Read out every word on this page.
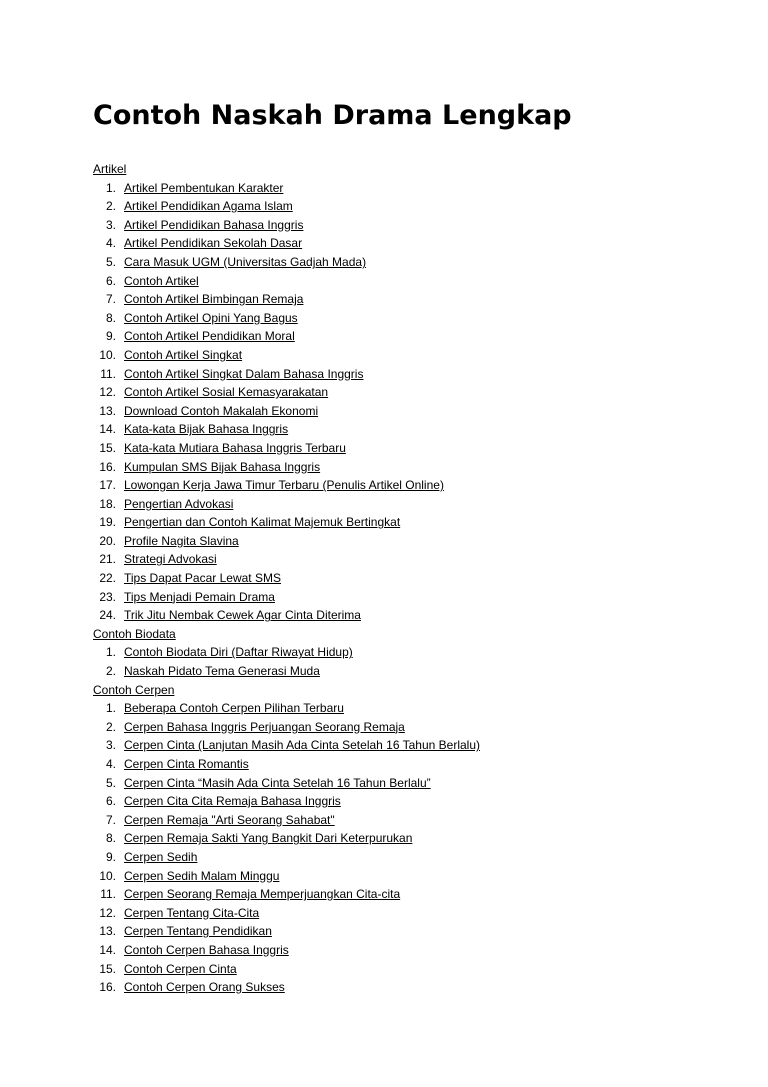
Contoh Naskah Drama Lengkap
Artikel
1. Artikel Pembentukan Karakter
2. Artikel Pendidikan Agama Islam
3. Artikel Pendidikan Bahasa Inggris
4. Artikel Pendidikan Sekolah Dasar
5. Cara Masuk UGM (Universitas Gadjah Mada)
6. Contoh Artikel
7. Contoh Artikel Bimbingan Remaja
8. Contoh Artikel Opini Yang Bagus
9. Contoh Artikel Pendidikan Moral
10. Contoh Artikel Singkat
11. Contoh Artikel Singkat Dalam Bahasa Inggris
12. Contoh Artikel Sosial Kemasyarakatan
13. Download Contoh Makalah Ekonomi
14. Kata-kata Bijak Bahasa Inggris
15. Kata-kata Mutiara Bahasa Inggris Terbaru
16. Kumpulan SMS Bijak Bahasa Inggris
17. Lowongan Kerja Jawa Timur Terbaru (Penulis Artikel Online)
18. Pengertian Advokasi
19. Pengertian dan Contoh Kalimat Majemuk Bertingkat
20. Profile Nagita Slavina
21. Strategi Advokasi
22. Tips Dapat Pacar Lewat SMS
23. Tips Menjadi Pemain Drama
24. Trik Jitu Nembak Cewek Agar Cinta Diterima
Contoh Biodata
1. Contoh Biodata Diri (Daftar Riwayat Hidup)
2. Naskah Pidato Tema Generasi Muda
Contoh Cerpen
1. Beberapa Contoh Cerpen Pilihan Terbaru
2. Cerpen Bahasa Inggris Perjuangan Seorang Remaja
3. Cerpen Cinta (Lanjutan Masih Ada Cinta Setelah 16 Tahun Berlalu)
4. Cerpen Cinta Romantis
5. Cerpen Cinta “Masih Ada Cinta Setelah 16 Tahun Berlalu”
6. Cerpen Cita Cita Remaja Bahasa Inggris
7. Cerpen Remaja "Arti Seorang Sahabat"
8. Cerpen Remaja Sakti Yang Bangkit Dari Keterpurukan
9. Cerpen Sedih
10. Cerpen Sedih Malam Minggu
11. Cerpen Seorang Remaja Memperjuangkan Cita-cita
12. Cerpen Tentang Cita-Cita
13. Cerpen Tentang Pendidikan
14. Contoh Cerpen Bahasa Inggris
15. Contoh Cerpen Cinta
16. Contoh Cerpen Orang Sukses
